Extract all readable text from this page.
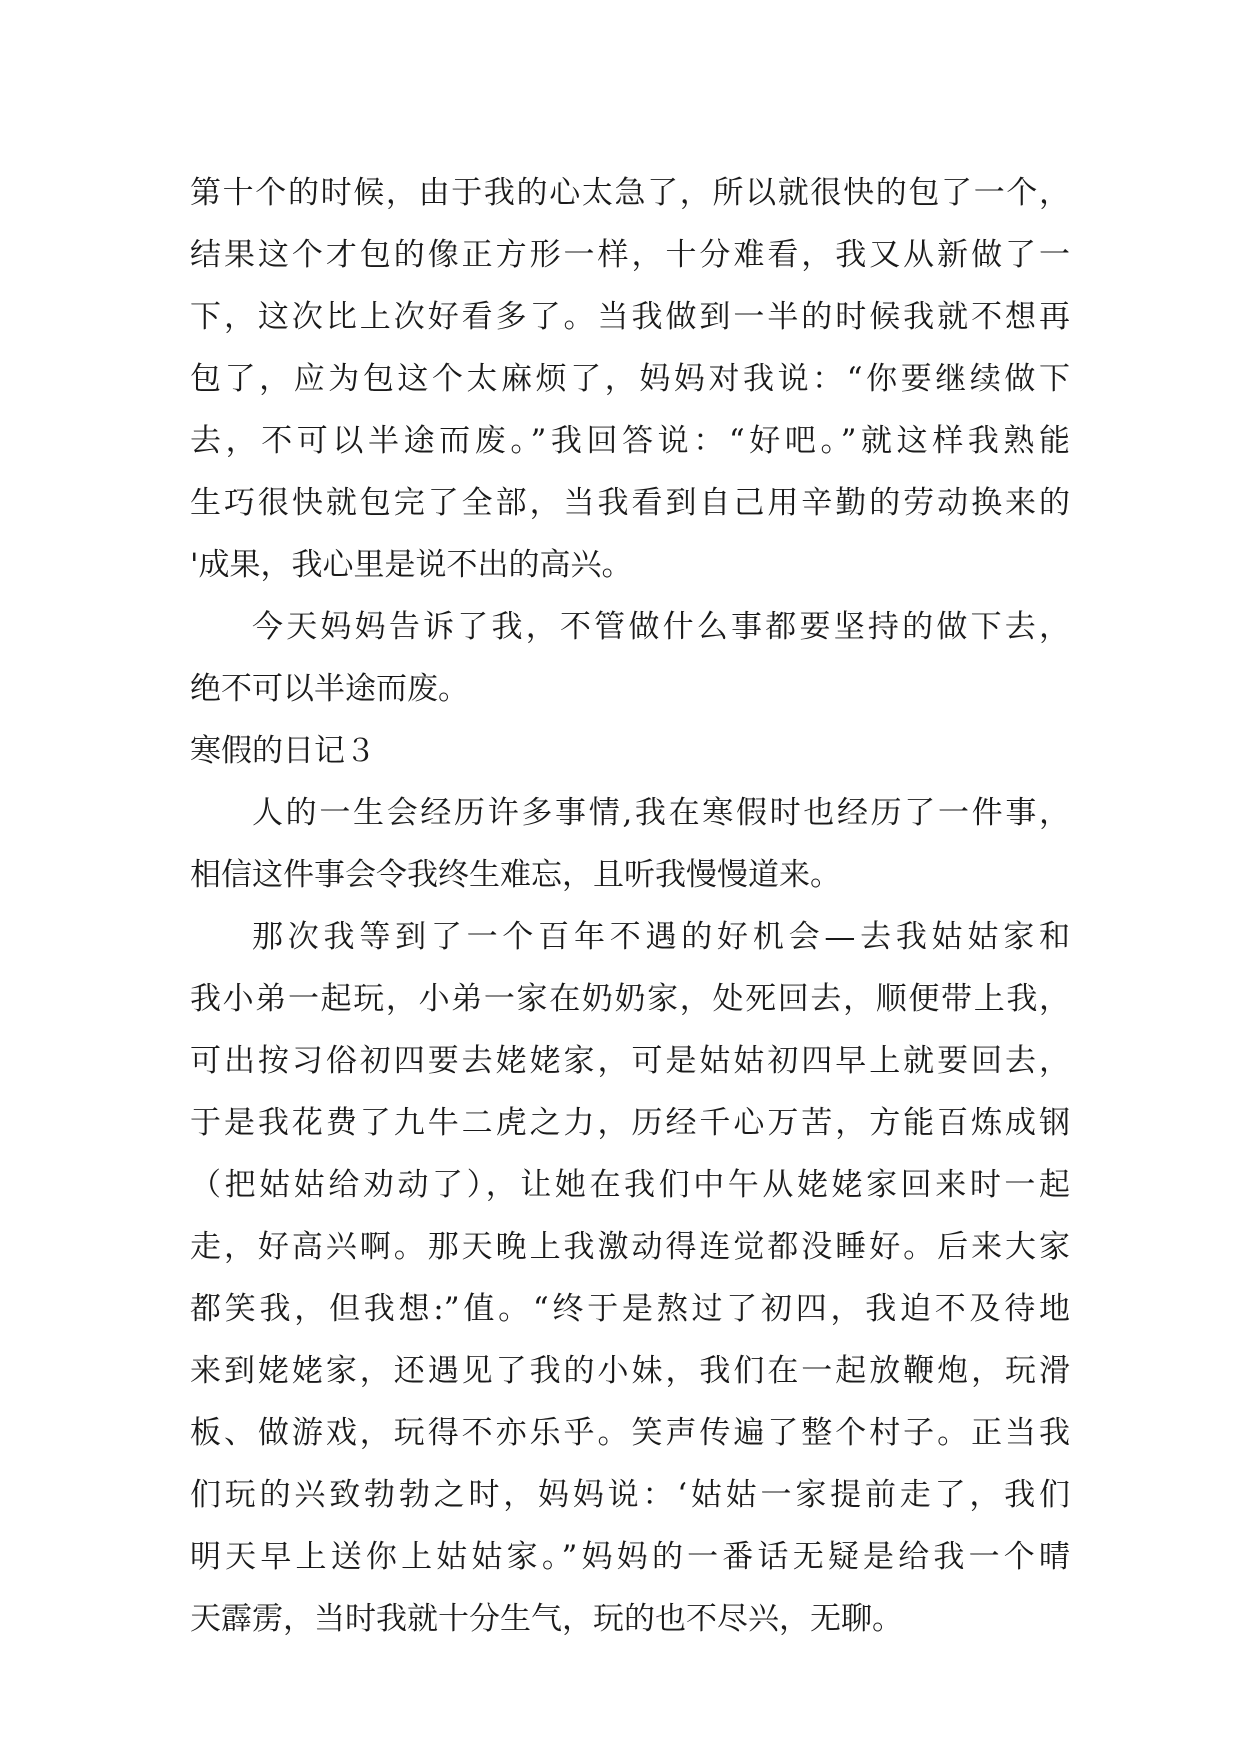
第十个的时候，由于我的心太急了，所以就很快的包了一个，
结果这个才包的像正方形一样，十分难看，我又从新做了一
下，这次比上次好看多了。当我做到一半的时候我就不想再
包了，应为包这个太麻烦了，妈妈对我说：“你要继续做下
去，不可以半途而废。”我回答说：“好吧。”就这样我熟能
生巧很快就包完了全部，当我看到自己用辛勤的劳动换来的
'成果，我心里是说不出的高兴。
今天妈妈告诉了我，不管做什么事都要坚持的做下去，
绝不可以半途而废。
寒假的日记３
人的一生会经历许多事情,我在寒假时也经历了一件事，
相信这件事会令我终生难忘，且听我慢慢道来。
那次我等到了一个百年不遇的好机会—去我姑姑家和
我小弟一起玩，小弟一家在奶奶家，处死回去，顺便带上我，
可出按习俗初四要去姥姥家，可是姑姑初四早上就要回去，
于是我花费了九牛二虎之力，历经千心万苦，方能百炼成钢
（把姑姑给劝动了），让她在我们中午从姥姥家回来时一起
走，好高兴啊。那天晚上我激动得连觉都没睡好。后来大家
都笑我，但我想:”值。“终于是熬过了初四，我迫不及待地
来到姥姥家，还遇见了我的小妹，我们在一起放鞭炮，玩滑
板、做游戏，玩得不亦乐乎。笑声传遍了整个村子。正当我
们玩的兴致勃勃之时，妈妈说：‘姑姑一家提前走了，我们
明天早上送你上姑姑家。”妈妈的一番话无疑是给我一个晴
天霹雳，当时我就十分生气，玩的也不尽兴，无聊。
